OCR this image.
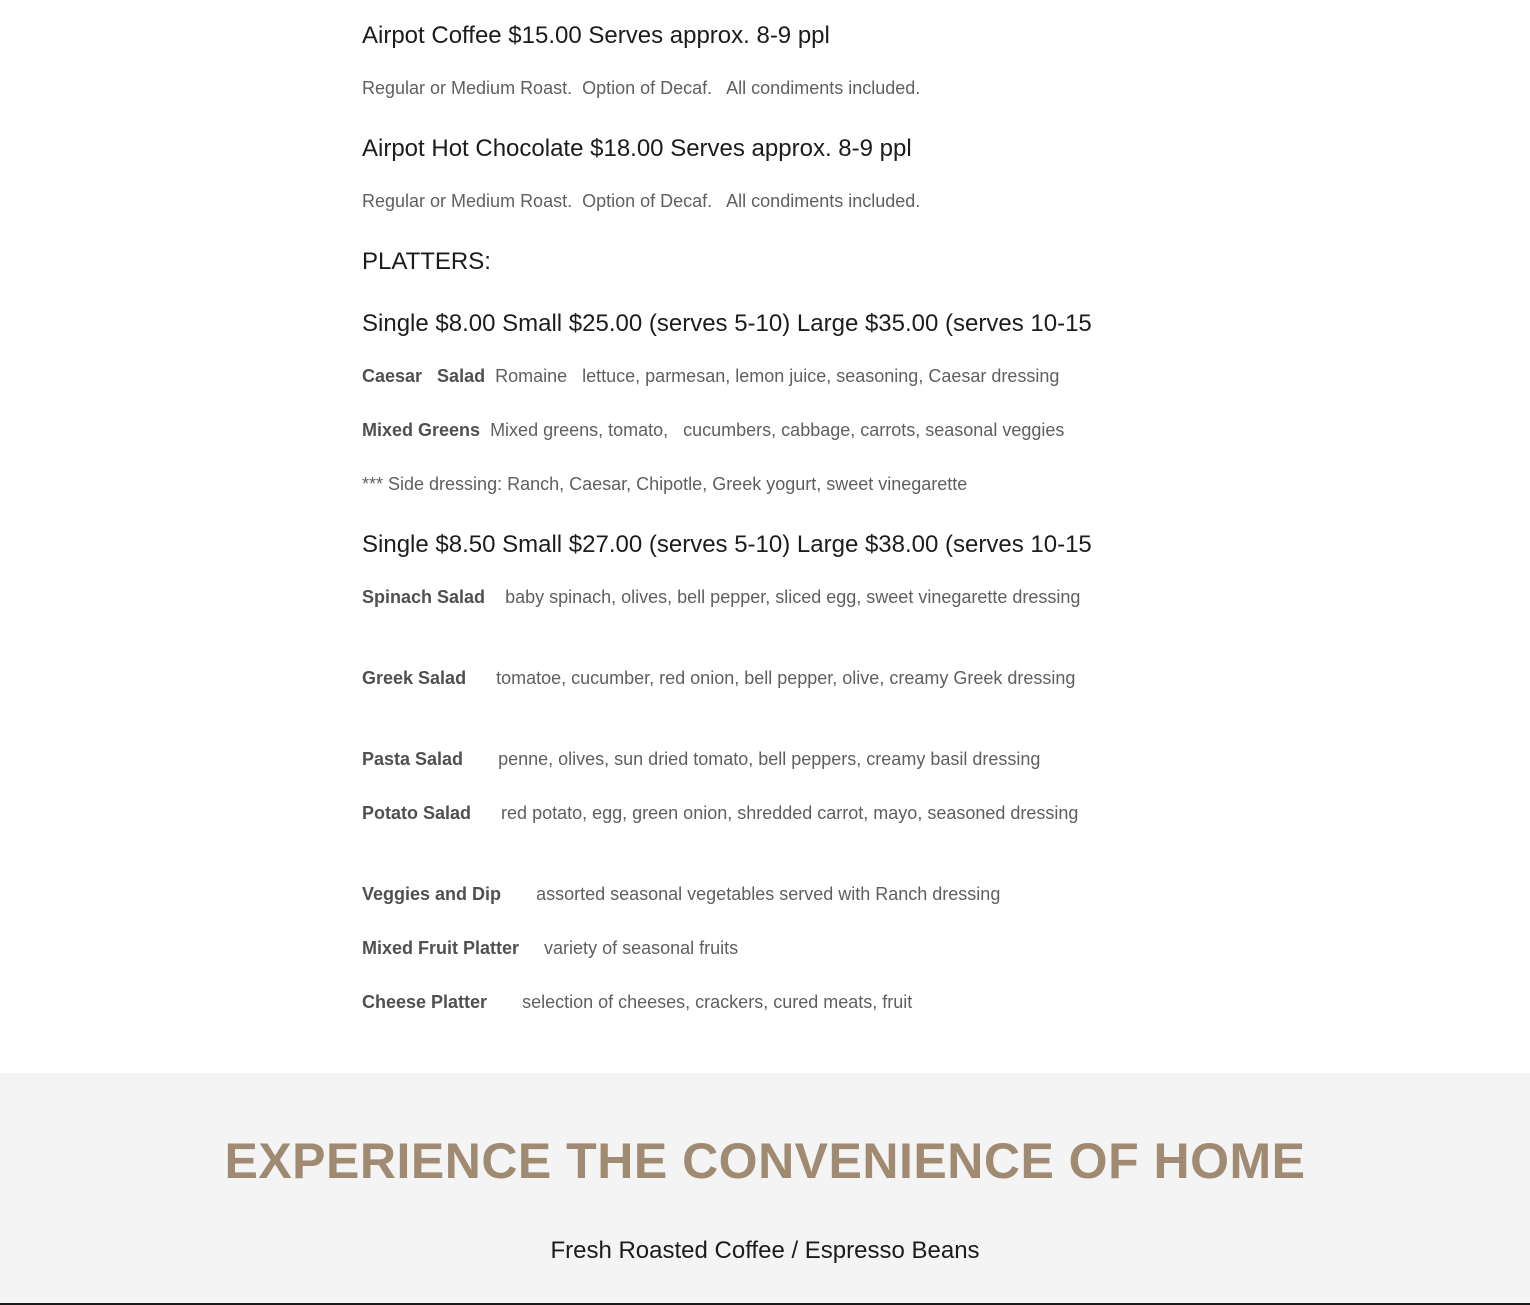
Airpot Coffee $15.00 Serves approx. 8-9 ppl

Regular or Medium Roast.  Option of Decaf.   All condiments included.

Airpot Hot Chocolate $18.00 Serves approx. 8-9 ppl

Regular or Medium Roast.  Option of Decaf.   All condiments included.

PLATTERS:
Single $8.00 Small $25.00 (serves 5-10) Large $35.00 (serves 10-15

Caesar   Salad Romaine   lettuce, parmesan, lemon juice, seasoning, Caesar dressing

Mixed Greens Mixed greens, tomato,   cucumbers, cabbage, carrots, seasonal veggies

*** Side dressing: Ranch, Caesar, Chipotle, Greek yogurt, sweet vinegarette

Single $8.50 Small $27.00 (serves 5-10) Large $38.00 (serves 10-15

Spinach Salad baby spinach, olives, bell pepper, sliced egg, sweet vinegarette dressing

Greek Salad tomatoe, cucumber, red onion, bell pepper, olive, creamy Greek dressing

Pasta Salad penne, olives, sun dried tomato, bell peppers, creamy basil dressing

Potato Salad red potato, egg, green onion, shredded carrot, mayo, seasoned dressing

Veggies and Dip assorted seasonal vegetables served with Ranch dressing

Mixed Fruit Platter variety of seasonal fruits

Cheese Platter selection of cheeses, crackers, cured meats, fruit

EXPERIENCE THE CONVENIENCE OF HOME

Fresh Roasted Coffee / Espresso Beans
